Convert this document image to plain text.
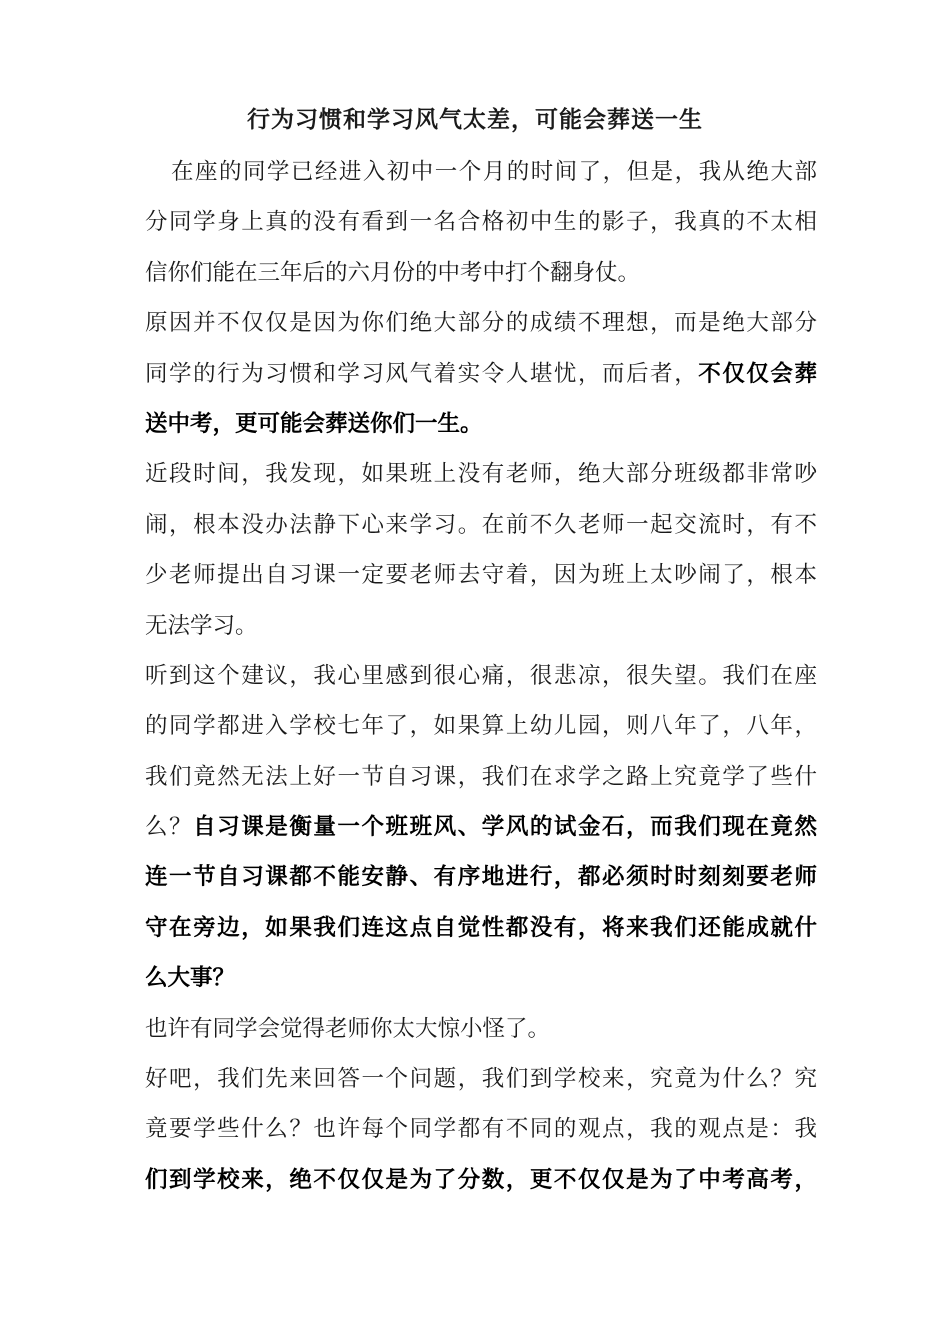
行为习惯和学习风气太差，可能会葬送一生
在座的同学已经进入初中一个月的时间了，但是，我从绝大部
分同学身上真的没有看到一名合格初中生的影子，我真的不太相
信你们能在三年后的六月份的中考中打个翻身仗。
原因并不仅仅是因为你们绝大部分的成绩不理想，而是绝大部分
同学的行为习惯和学习风气着实令人堪忧，而后者，不仅仅会葬
送中考，更可能会葬送你们一生。
近段时间，我发现，如果班上没有老师，绝大部分班级都非常吵
闹，根本没办法静下心来学习。在前不久老师一起交流时，有不
少老师提出自习课一定要老师去守着，因为班上太吵闹了，根本
无法学习。
听到这个建议，我心里感到很心痛，很悲凉，很失望。我们在座
的同学都进入学校七年了，如果算上幼儿园，则八年了，八年，
我们竟然无法上好一节自习课，我们在求学之路上究竟学了些什
么？自习课是衡量一个班班风、学风的试金石，而我们现在竟然
连一节自习课都不能安静、有序地进行，都必须时时刻刻要老师
守在旁边，如果我们连这点自觉性都没有，将来我们还能成就什
么大事？
也许有同学会觉得老师你太大惊小怪了。
好吧，我们先来回答一个问题，我们到学校来，究竟为什么？究
竟要学些什么？也许每个同学都有不同的观点，我的观点是：我
们到学校来，绝不仅仅是为了分数，更不仅仅是为了中考高考，
